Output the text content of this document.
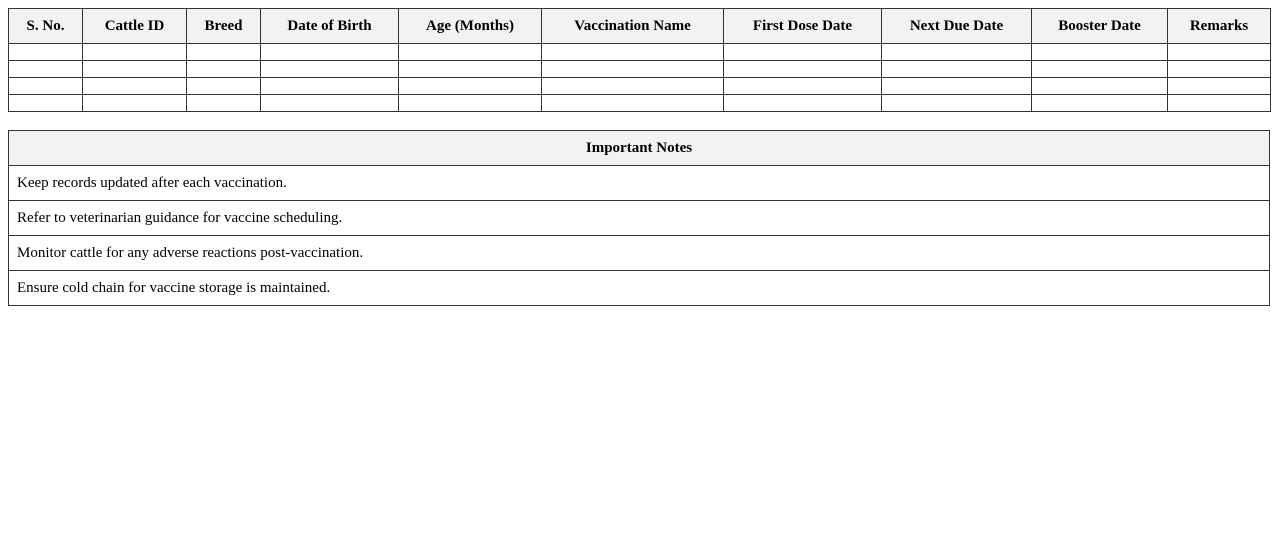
S. No.	Cattle ID	Breed	Date of Birth	Age (Months)	Vaccination Name	First Dose Date	Next Due Date	Booster Date	Remarks

Important Notes
Keep records updated after each vaccination.
Refer to veterinarian guidance for vaccine scheduling.
Monitor cattle for any adverse reactions post-vaccination.
Ensure cold chain for vaccine storage is maintained.
